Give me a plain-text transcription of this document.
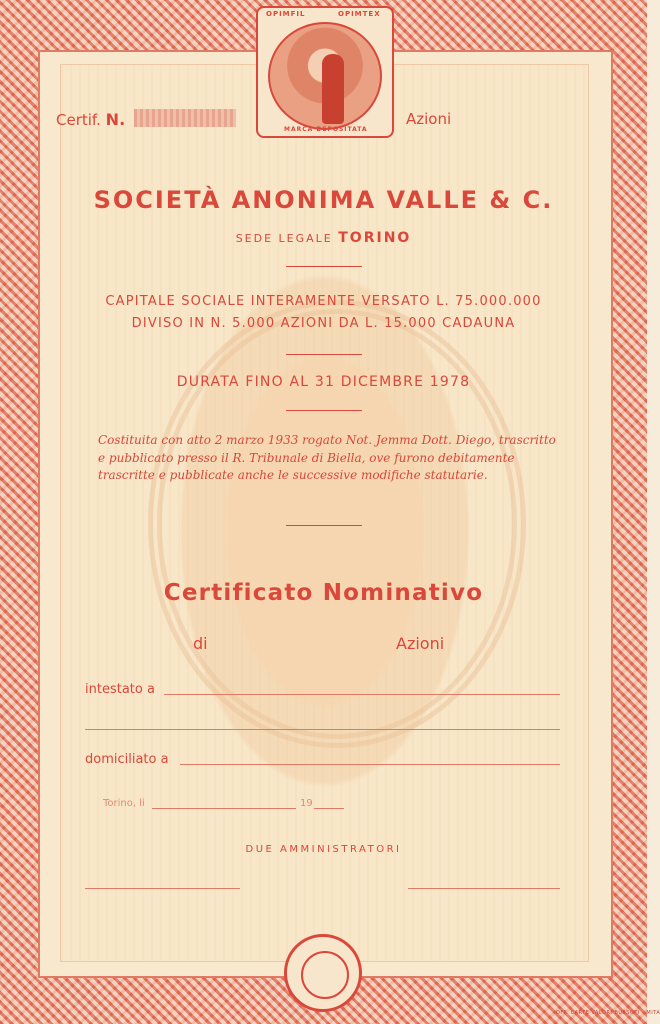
OPIMFIL	OPIMTEX
MARCA DEPOSITATA
Certif. N.	Azioni
SOCIETÀ ANONIMA VALLE & C.
SEDE LEGALE TORINO
CAPITALE SOCIALE INTERAMENTE VERSATO L. 75.000.000
DIVISO IN N. 5.000 AZIONI DA L. 15.000 CADAUNA
DURATA FINO AL 31 DICEMBRE 1978
Costituita con atto 2 marzo 1933 rogato Not. Jemma Dott. Diego, trascritto e pubblicato presso il R. Tribunale di Biella, ove furono debitamente trascritte e pubblicate anche le successive modifiche statutarie.
Certificato Nominativo
di	Azioni
intestato a
domiciliato a
Torino, li	19
DUE AMMINISTRATORI
OFF. CARTE VALORI BUSSOTI - MITA
